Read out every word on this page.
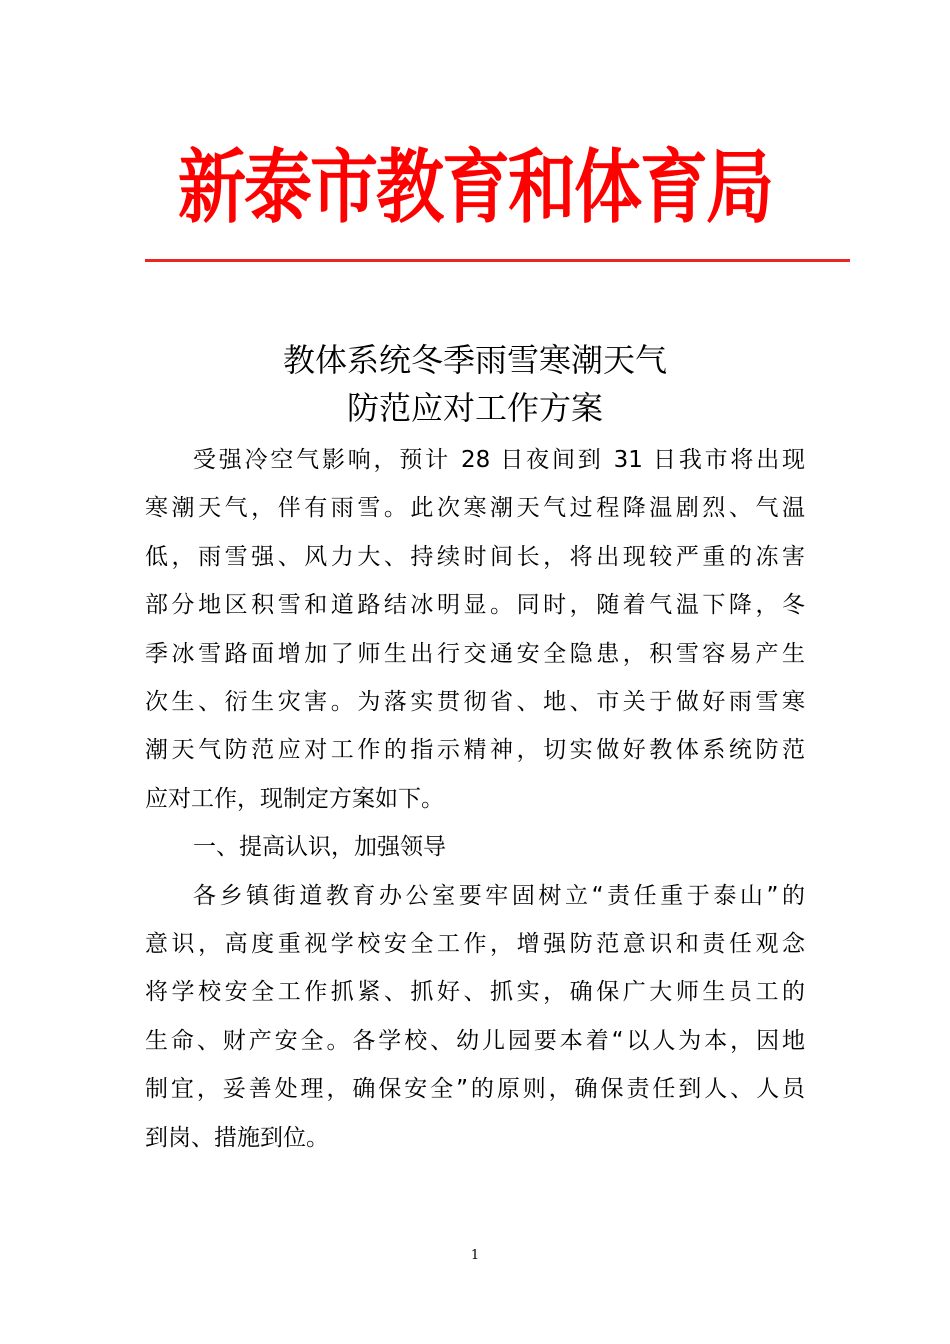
新泰市教育和体育局
教体系统冬季雨雪寒潮天气
防范应对工作方案

受强冷空气影响，预计 28 日夜间到 31 日我市将出现
寒潮天气，伴有雨雪。此次寒潮天气过程降温剧烈、气温
低，雨雪强、风力大、持续时间长，将出现较严重的冻害
部分地区积雪和道路结冰明显。同时，随着气温下降，冬
季冰雪路面增加了师生出行交通安全隐患，积雪容易产生
次生、衍生灾害。为落实贯彻省、地、市关于做好雨雪寒
潮天气防范应对工作的指示精神，切实做好教体系统防范
应对工作，现制定方案如下。

一、提高认识，加强领导

各乡镇街道教育办公室要牢固树立“责任重于泰山”的
意识，高度重视学校安全工作，增强防范意识和责任观念
将学校安全工作抓紧、抓好、抓实，确保广大师生员工的
生命、财产安全。各学校、幼儿园要本着“以人为本，因地
制宜，妥善处理，确保安全”的原则，确保责任到人、人员
到岗、措施到位。

1
